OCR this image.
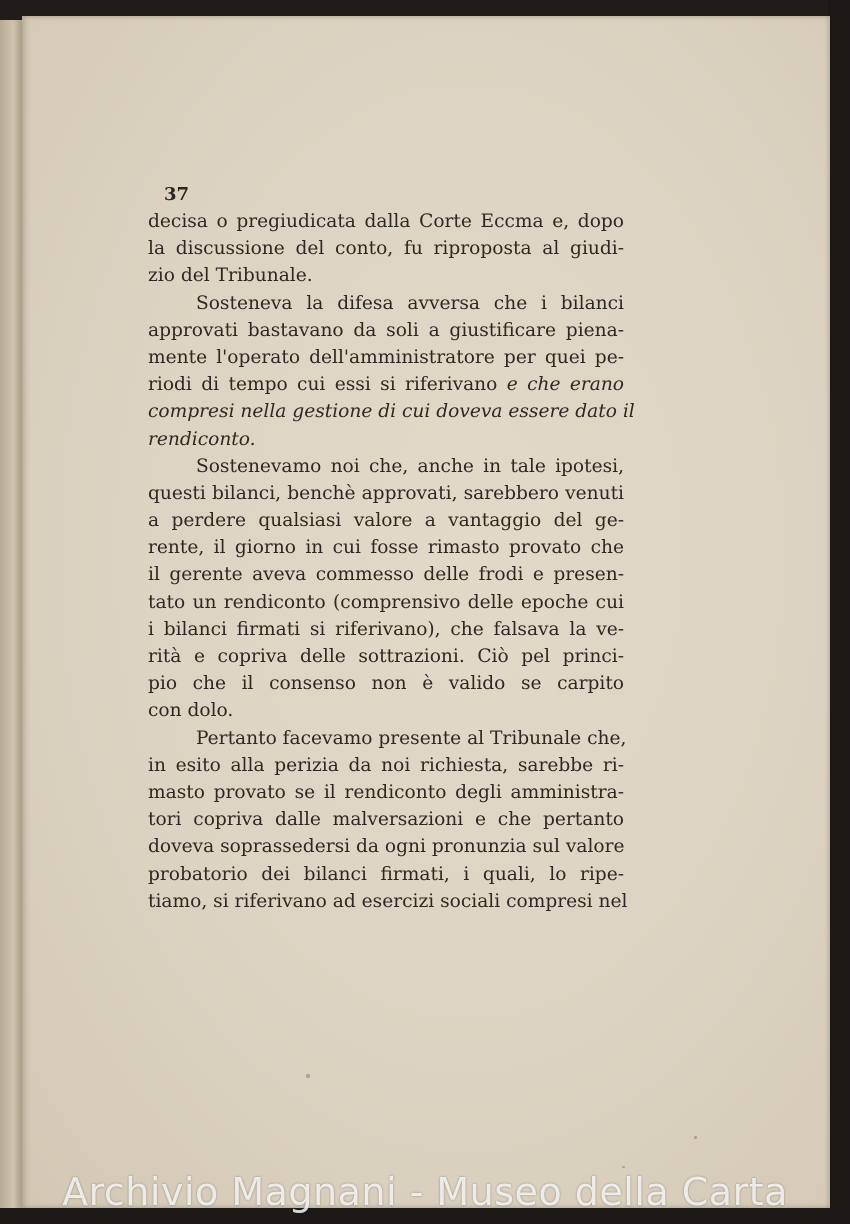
37
decisa o pregiudicata dalla Corte Eccma e, dopo
la discussione del conto, fu riproposta al giudi-
zio del Tribunale.
Sosteneva la difesa avversa che i bilanci
approvati bastavano da soli a giustificare piena-
mente l'operato dell'amministratore per quei pe-
riodi di tempo cui essi si riferivano e che erano
compresi nella gestione di cui doveva essere dato il
rendiconto.
Sostenevamo noi che, anche in tale ipotesi,
questi bilanci, benchè approvati, sarebbero venuti
a perdere qualsiasi valore a vantaggio del ge-
rente, il giorno in cui fosse rimasto provato che
il gerente aveva commesso delle frodi e presen-
tato un rendiconto (comprensivo delle epoche cui
i bilanci firmati si riferivano), che falsava la ve-
rità e copriva delle sottrazioni. Ciò pel princi-
pio che il consenso non è valido se carpito
con dolo.
Pertanto facevamo presente al Tribunale che,
in esito alla perizia da noi richiesta, sarebbe ri-
masto provato se il rendiconto degli amministra-
tori copriva dalle malversazioni e che pertanto
doveva soprassedersi da ogni pronunzia sul valore
probatorio dei bilanci firmati, i quali, lo ripe-
tiamo, si riferivano ad esercizi sociali compresi nel
Archivio Magnani - Museo della Carta
